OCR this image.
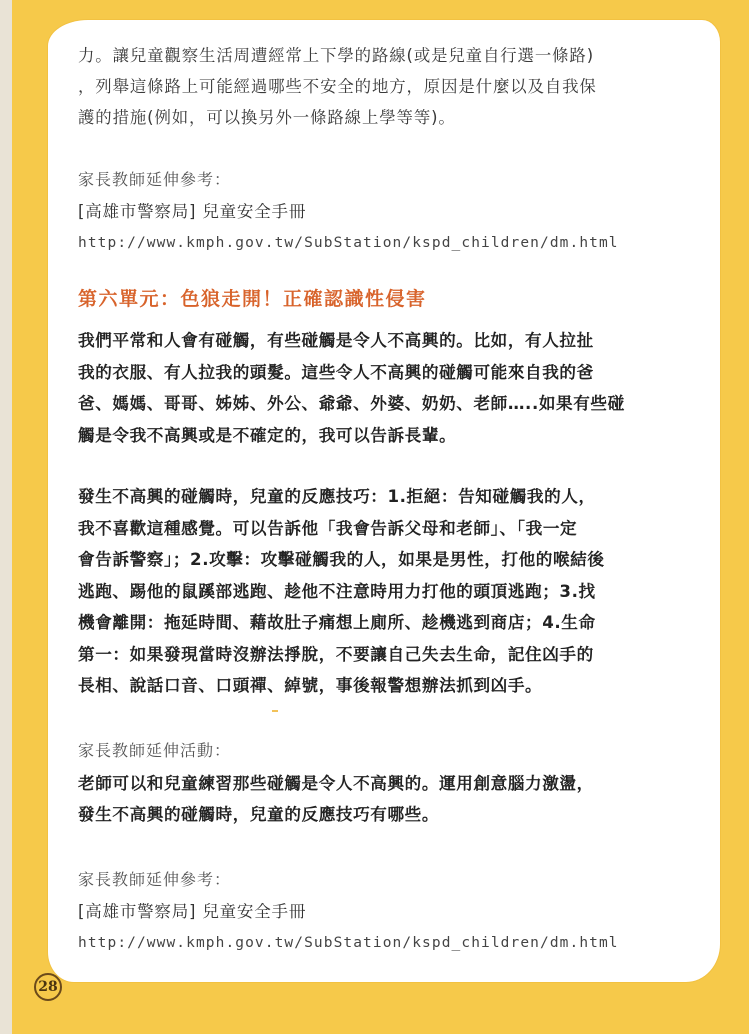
力。讓兒童觀察生活周遭經常上下學的路線(或是兒童自行選一條路)

，列舉這條路上可能經過哪些不安全的地方，原因是什麼以及自我保

護的措施(例如，可以換另外一條路線上學等等)。

家長教師延伸參考：

[高雄市警察局] 兒童安全手冊

http://www.kmph.gov.tw/SubStation/kspd_children/dm.html

第六單元：色狼走開！正確認識性侵害

我們平常和人會有碰觸，有些碰觸是令人不高興的。比如，有人拉扯

我的衣服、有人拉我的頭髮。這些令人不高興的碰觸可能來自我的爸

爸、媽媽、哥哥、姊姊、外公、爺爺、外婆、奶奶、老師…..如果有些碰

觸是令我不高興或是不確定的，我可以告訴長輩。

發生不高興的碰觸時，兒童的反應技巧：1.拒絕：告知碰觸我的人，

我不喜歡這種感覺。可以告訴他「我會告訴父母和老師」、「我一定

會告訴警察」；2.攻擊：攻擊碰觸我的人，如果是男性，打他的喉結後

逃跑、踢他的鼠蹊部逃跑、趁他不注意時用力打他的頭頂逃跑；3.找

機會離開：拖延時間、藉故肚子痛想上廁所、趁機逃到商店；4.生命

第一：如果發現當時沒辦法掙脫，不要讓自己失去生命，記住凶手的

長相、說話口音、口頭禪、綽號，事後報警想辦法抓到凶手。

家長教師延伸活動：

老師可以和兒童練習那些碰觸是令人不高興的。運用創意腦力激盪，

發生不高興的碰觸時，兒童的反應技巧有哪些。

家長教師延伸參考：

[高雄市警察局] 兒童安全手冊

http://www.kmph.gov.tw/SubStation/kspd_children/dm.html

28
